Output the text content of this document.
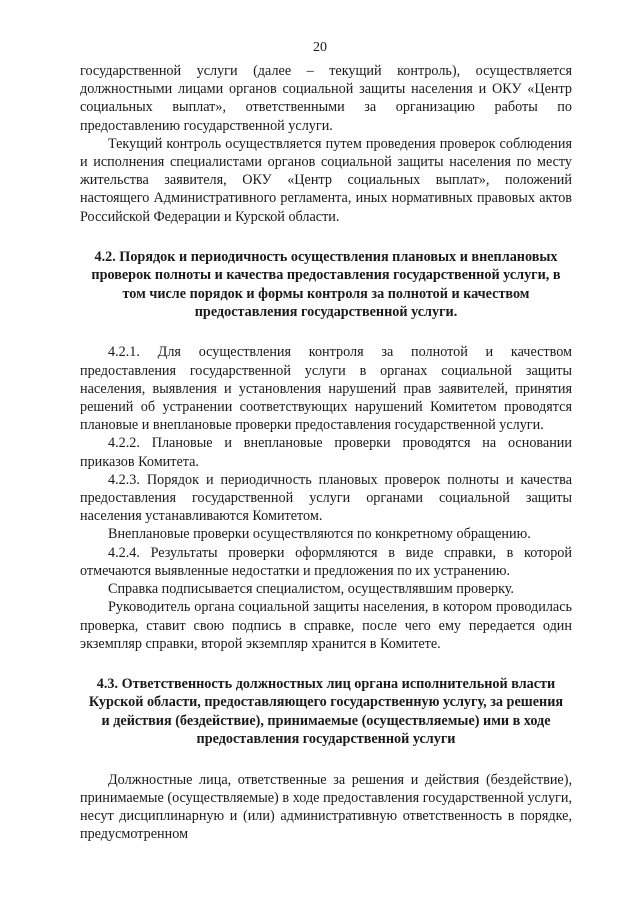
20

государственной услуги (далее – текущий контроль), осуществляется должностными лицами органов социальной защиты населения и ОКУ «Центр социальных выплат», ответственными за организацию работы по предоставлению государственной услуги.

Текущий контроль осуществляется путем проведения проверок соблюдения и исполнения специалистами органов социальной защиты населения по месту жительства заявителя, ОКУ «Центр социальных выплат», положений настоящего Административного регламента, иных нормативных правовых актов Российской Федерации и Курской области.

4.2. Порядок и периодичность осуществления плановых и внеплановых проверок полноты и качества предоставления государственной услуги, в том числе порядок и формы контроля за полнотой и качеством предоставления государственной услуги.

4.2.1. Для осуществления контроля за полнотой и качеством предоставления государственной услуги в органах социальной защиты населения, выявления и установления нарушений прав заявителей, принятия решений об устранении соответствующих нарушений Комитетом проводятся плановые и внеплановые проверки предоставления государственной услуги.

4.2.2. Плановые и внеплановые проверки проводятся на основании приказов Комитета.

4.2.3. Порядок и периодичность плановых проверок полноты и качества предоставления государственной услуги органами социальной защиты населения устанавливаются Комитетом.

Внеплановые проверки осуществляются по конкретному обращению.

4.2.4. Результаты проверки оформляются в виде справки, в которой отмечаются выявленные недостатки и предложения по их устранению.

Справка подписывается специалистом, осуществлявшим проверку.

Руководитель органа социальной защиты населения, в котором проводилась проверка, ставит свою подпись в справке, после чего ему передается один экземпляр справки, второй экземпляр хранится в Комитете.

4.3. Ответственность должностных лиц органа исполнительной власти Курской области, предоставляющего государственную услугу, за решения и действия (бездействие), принимаемые (осуществляемые) ими в ходе предоставления государственной услуги

Должностные лица, ответственные за решения и действия (бездействие), принимаемые (осуществляемые) в ходе предоставления государственной услуги, несут дисциплинарную и (или) административную ответственность в порядке, предусмотренном
